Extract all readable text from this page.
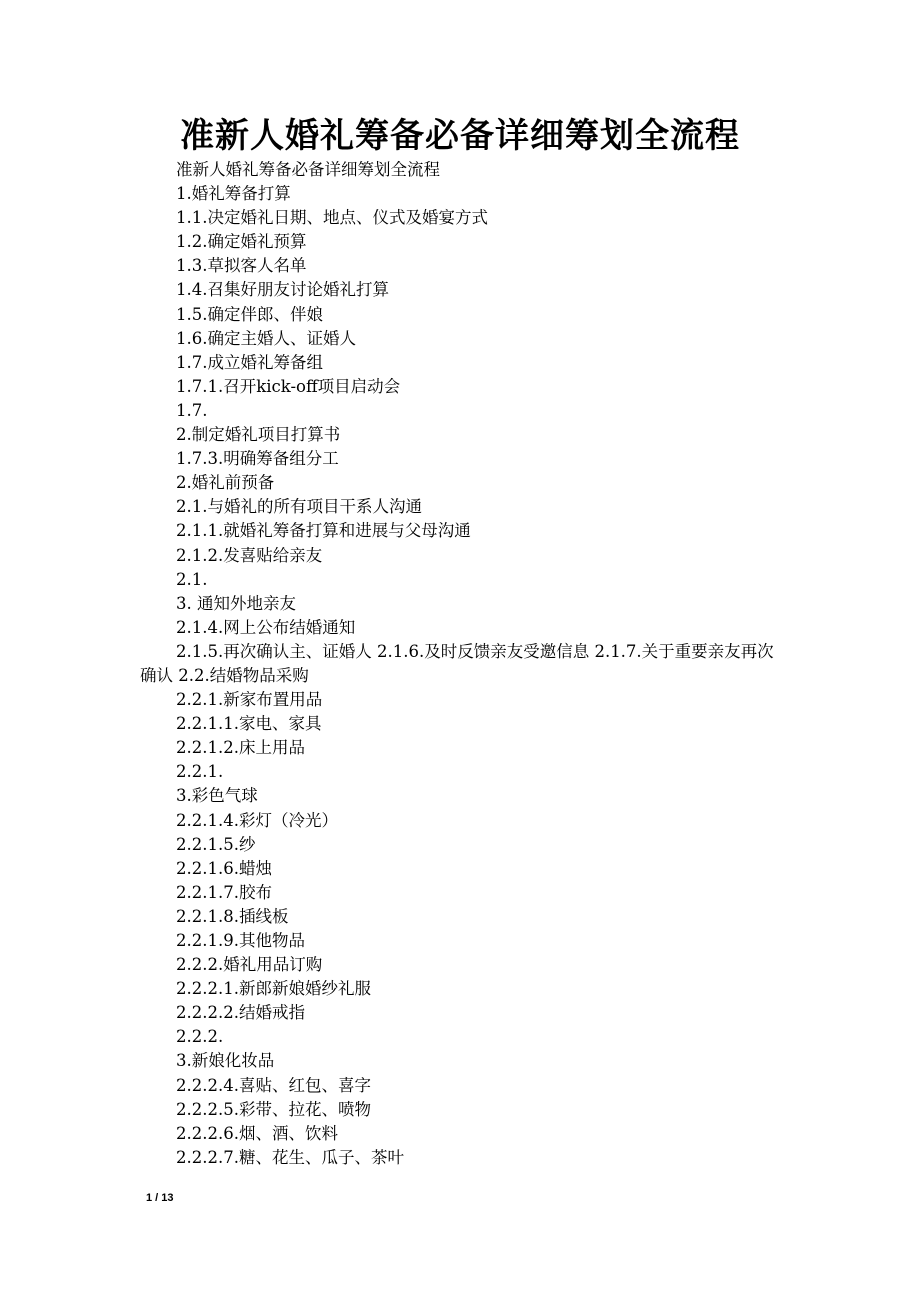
准新人婚礼筹备必备详细筹划全流程
准新人婚礼筹备必备详细筹划全流程
1.婚礼筹备打算
1.1.决定婚礼日期、地点、仪式及婚宴方式
1.2.确定婚礼预算
1.3.草拟客人名单
1.4.召集好朋友讨论婚礼打算
1.5.确定伴郎、伴娘
1.6.确定主婚人、证婚人
1.7.成立婚礼筹备组
1.7.1.召开kick-off项目启动会
1.7.
2.制定婚礼项目打算书
1.7.3.明确筹备组分工
2.婚礼前预备
2.1.与婚礼的所有项目干系人沟通
2.1.1.就婚礼筹备打算和进展与父母沟通
2.1.2.发喜贴给亲友
2.1.
3. 通知外地亲友
2.1.4.网上公布结婚通知
2.1.5.再次确认主、证婚人 2.1.6.及时反馈亲友受邀信息 2.1.7.关于重要亲友再次确认 2.2.结婚物品采购
2.2.1.新家布置用品
2.2.1.1.家电、家具
2.2.1.2.床上用品
2.2.1.
3.彩色气球
2.2.1.4.彩灯（冷光）
2.2.1.5.纱
2.2.1.6.蜡烛
2.2.1.7.胶布
2.2.1.8.插线板
2.2.1.9.其他物品
2.2.2.婚礼用品订购
2.2.2.1.新郎新娘婚纱礼服
2.2.2.2.结婚戒指
2.2.2.
3.新娘化妆品
2.2.2.4.喜贴、红包、喜字
2.2.2.5.彩带、拉花、喷物
2.2.2.6.烟、酒、饮料
2.2.2.7.糖、花生、瓜子、茶叶
1 / 13
